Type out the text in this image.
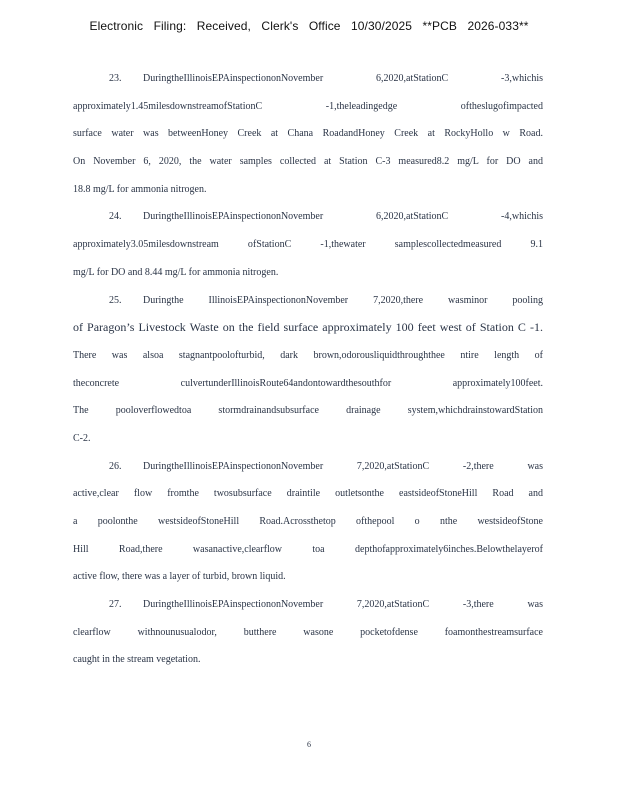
Electronic Filing: Received, Clerk's Office 10/30/2025 **PCB 2026-033**
23. DuringtheIllinoisEPAinspectiononNovember 6,2020,atStationC -3,whichis
approximately1.45milesdownstreamofStationC -1,theleadingedge oftheslugofimpacted
surface water was betweenHoney Creek at Chana RoadandHoney Creek at RockyHollo w Road.
On November 6, 2020, the water samples collected at Station C-3 measured8.2 mg/L for DO and
18.8 mg/L for ammonia nitrogen.
24. DuringtheIllinoisEPAinspectiononNovember 6,2020,atStationC -4,whichis
approximately3.05milesdownstream ofStationC -1,thewater samplescollectedmeasured 9.1
mg/L for DO and 8.44 mg/L for ammonia nitrogen.
25. Duringthe IllinoisEPAinspectiononNovember 7,2020,there wasminor pooling
of Paragon’s Livestock Waste on the field surface approximately 100 feet west of Station C -1.
There was alsoa stagnantpoolofturbid, dark brown,odorousliquidthroughthee ntire length of
theconcrete culvertunderIllinoisRoute64andontowardthesouthfor approximately100feet.
The pooloverflowedtoa stormdrainandsubsurface drainage system,whichdrainstowardStation
C-2.
26. DuringtheIllinoisEPAinspectiononNovember 7,2020,atStationC -2,there was
active,clear flow fromthe twosubsurface draintile outletsonthe eastsideofStoneHill Road and
a poolonthe westsideofStoneHill Road.Acrossthetop ofthepool o nthe westsideofStone
Hill Road,there wasanactive,clearflow toa depthofapproximately6inches.Belowthelayerof
active flow, there was a layer of turbid, brown liquid.
27. DuringtheIllinoisEPAinspectiononNovember 7,2020,atStationC -3,there was
clearflow withnounusualodor, butthere wasone pocketofdense foamonthestreamsurface
caught in the stream vegetation.
6
